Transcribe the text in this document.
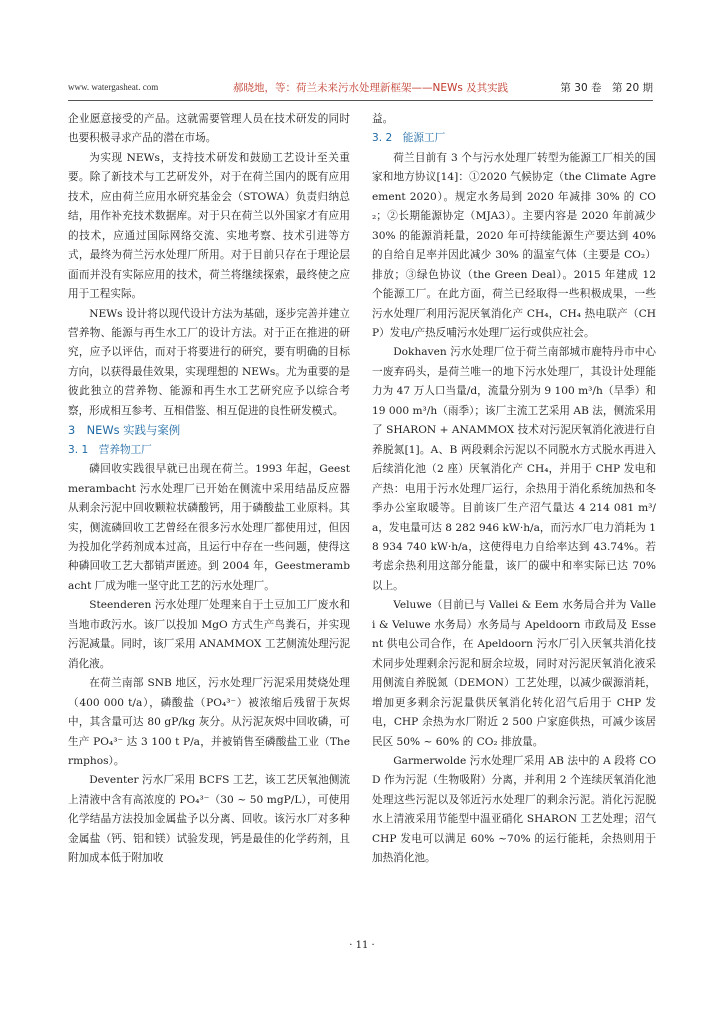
www. watergasheat. com	郝晓地，等：荷兰未来污水处理新框架——NEWs 及其实践	第 30 卷　第 20 期

企业愿意接受的产品。这就需要管理人员在技术研发的同时也要积极寻求产品的潜在市场。

为实现 NEWs，支持技术研发和鼓励工艺设计至关重要。除了新技术与工艺研发外，对于在荷兰国内的既有应用技术，应由荷兰应用水研究基金会（STOWA）负责归纳总结，用作补充技术数据库。对于只在荷兰以外国家才有应用的技术，应通过国际网络交流、实地考察、技术引进等方式，最终为荷兰污水处理厂所用。对于目前只存在于理论层面而并没有实际应用的技术，荷兰将继续探索，最终使之应用于工程实际。

NEWs 设计将以现代设计方法为基础，逐步完善并建立营养物、能源与再生水工厂的设计方法。对于正在推进的研究，应予以评估，而对于将要进行的研究，要有明确的目标方向，以获得最佳效果，实现理想的 NEWs。尤为重要的是彼此独立的营养物、能源和再生水工艺研究应予以综合考察，形成相互参考、互相借鉴、相互促进的良性研发模式。

3　NEWs 实践与案例
3. 1　营养物工厂

磷回收实践很早就已出现在荷兰。1993 年起，Geestmerambacht 污水处理厂已开始在侧流中采用结晶反应器从剩余污泥中回收颗粒状磷酸钙，用于磷酸盐工业原料。其实，侧流磷回收工艺曾经在很多污水处理厂都使用过，但因为投加化学药剂成本过高，且运行中存在一些问题，使得这种磷回收工艺大都销声匿迹。到 2004 年，Geestmerambacht 厂成为唯一坚守此工艺的污水处理厂。

Steenderen 污水处理厂处理来自于土豆加工厂废水和当地市政污水。该厂以投加 MgO 方式生产鸟粪石，并实现污泥减量。同时，该厂采用 ANAMMOX 工艺侧流处理污泥消化液。

在荷兰南部 SNB 地区，污水处理厂污泥采用焚烧处理（400 000 t/a），磷酸盐（PO₄³⁻）被浓缩后残留于灰烬中，其含量可达 80 gP/kg 灰分。从污泥灰烬中回收磷，可生产 PO₄³⁻ 达 3 100 t P/a，并被销售至磷酸盐工业（Thermphos）。

Deventer 污水厂采用 BCFS 工艺，该工艺厌氧池侧流上清液中含有高浓度的 PO₄³⁻（30 ~ 50 mgP/L），可使用化学结晶方法投加金属盐予以分离、回收。该污水厂对多种金属盐（钙、铝和镁）试验发现，钙是最佳的化学药剂，且附加成本低于附加收

益。

3. 2　能源工厂

荷兰目前有 3 个与污水处理厂转型为能源工厂相关的国家和地方协议[14]：①2020 气候协定（the Climate Agreement 2020）。规定水务局到 2020 年减排 30% 的 CO₂；②长期能源协定（MJA3）。主要内容是 2020 年前减少 30% 的能源消耗量，2020 年可持续能源生产要达到 40% 的自给自足率并因此减少 30% 的温室气体（主要是 CO₂）排放；③绿色协议（the Green Deal）。2015 年建成 12 个能源工厂。在此方面，荷兰已经取得一些积极成果，一些污水处理厂利用污泥厌氧消化产 CH₄，CH₄ 热电联产（CHP）发电/产热反哺污水处理厂运行或供应社会。

Dokhaven 污水处理厂位于荷兰南部城市鹿特丹市中心一废弃码头，是荷兰唯一的地下污水处理厂，其设计处理能力为 47 万人口当量/d，流量分别为 9 100 m³/h（旱季）和 19 000 m³/h（雨季）；该厂主流工艺采用 AB 法，侧流采用了 SHARON + ANAMMOX 技术对污泥厌氧消化液进行自养脱氮[1]。A、B 两段剩余污泥以不同脱水方式脱水再进入后续消化池（2 座）厌氧消化产 CH₄，并用于 CHP 发电和产热：电用于污水处理厂运行，余热用于消化系统加热和冬季办公室取暖等。目前该厂生产沼气量达 4 214 081 m³/a，发电量可达 8 282 946 kW·h/a，而污水厂电力消耗为 18 934 740 kW·h/a，这使得电力自给率达到 43.74%。若考虑余热利用这部分能量，该厂的碳中和率实际已达 70% 以上。

Veluwe（目前已与 Vallei & Eem 水务局合并为 Vallei & Veluwe 水务局）水务局与 Apeldoorn 市政局及 Essent 供电公司合作，在 Apeldoorn 污水厂引入厌氧共消化技术同步处理剩余污泥和厨余垃圾，同时对污泥厌氧消化液采用侧流自养脱氮（DEMON）工艺处理，以减少碳源消耗，增加更多剩余污泥量供厌氧消化转化沼气后用于 CHP 发电，CHP 余热为水厂附近 2 500 户家庭供热，可减少该居民区 50% ~ 60% 的 CO₂ 排放量。

Garmerwolde 污水处理厂采用 AB 法中的 A 段将 COD 作为污泥（生物吸附）分离，并利用 2 个连续厌氧消化池处理这些污泥以及邻近污水处理厂的剩余污泥。消化污泥脱水上清液采用节能型中温亚硝化 SHARON 工艺处理；沼气 CHP 发电可以满足 60% ~70% 的运行能耗，余热则用于加热消化池。

· 11 ·
